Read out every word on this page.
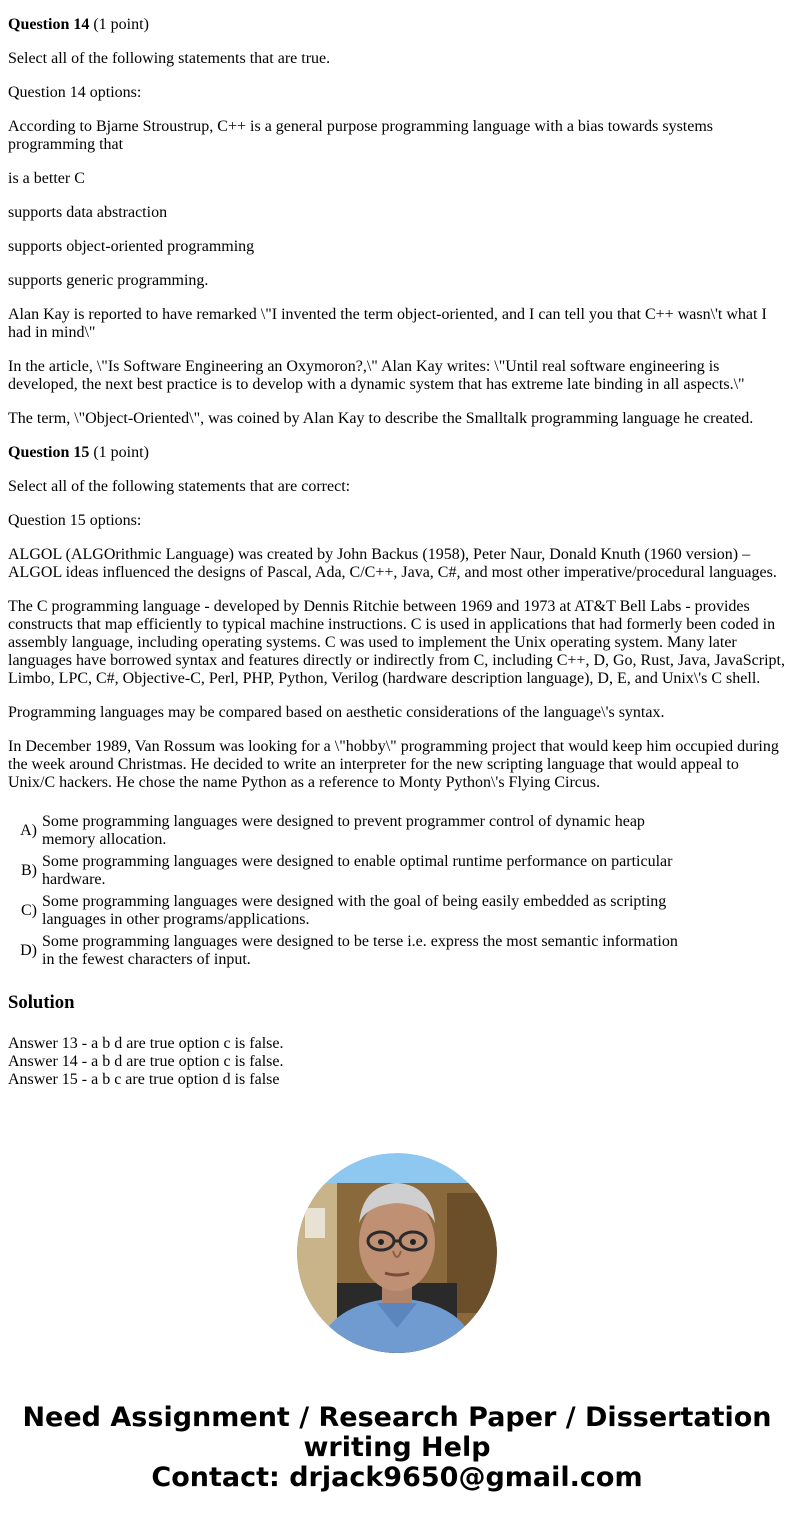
Question 14 (1 point)

Select all of the following statements that are true.

Question 14 options:

According to Bjarne Stroustrup, C++ is a general purpose programming language with a bias towards systems programming that

is a better C

supports data abstraction

supports object-oriented programming

supports generic programming.

Alan Kay is reported to have remarked \"I invented the term object-oriented, and I can tell you that C++ wasn\'t what I had in mind\"

In the article, \"Is Software Engineering an Oxymoron?,\" Alan Kay writes: \"Until real software engineering is developed, the next best practice is to develop with a dynamic system that has extreme late binding in all aspects.\"

The term, \"Object-Oriented\", was coined by Alan Kay to describe the Smalltalk programming language he created.

Question 15 (1 point)

Select all of the following statements that are correct:

Question 15 options:

ALGOL (ALGOrithmic Language) was created by John Backus (1958), Peter Naur, Donald Knuth (1960 version) – ALGOL ideas influenced the designs of Pascal, Ada, C/C++, Java, C#, and most other imperative/procedural languages.

The C programming language - developed by Dennis Ritchie between 1969 and 1973 at AT&T Bell Labs - provides constructs that map efficiently to typical machine instructions. C is used in applications that had formerly been coded in assembly language, including operating systems. C was used to implement the Unix operating system. Many later languages have borrowed syntax and features directly or indirectly from C, including C++, D, Go, Rust, Java, JavaScript, Limbo, LPC, C#, Objective-C, Perl, PHP, Python, Verilog (hardware description language), D, E, and Unix\'s C shell.

Programming languages may be compared based on aesthetic considerations of the language\'s syntax.

In December 1989, Van Rossum was looking for a \"hobby\" programming project that would keep him occupied during the week around Christmas. He decided to write an interpreter for the new scripting language that would appeal to Unix/C hackers. He chose the name Python as a reference to Monty Python\'s Flying Circus.

A)	Some programming languages were designed to prevent programmer control of dynamic heap memory allocation.
B)	Some programming languages were designed to enable optimal runtime performance on particular hardware.
C)	Some programming languages were designed with the goal of being easily embedded as scripting languages in other programs/applications.
D)	Some programming languages were designed to be terse i.e. express the most semantic information in the fewest characters of input.
Solution

Answer 13 - a b d are true option c is false.

Answer 14 - a b d are true option c is false.

Answer 15 - a b c are true option d is false

Need Assignment / Research Paper / Dissertation
writing Help
Contact: drjack9650@gmail.com
